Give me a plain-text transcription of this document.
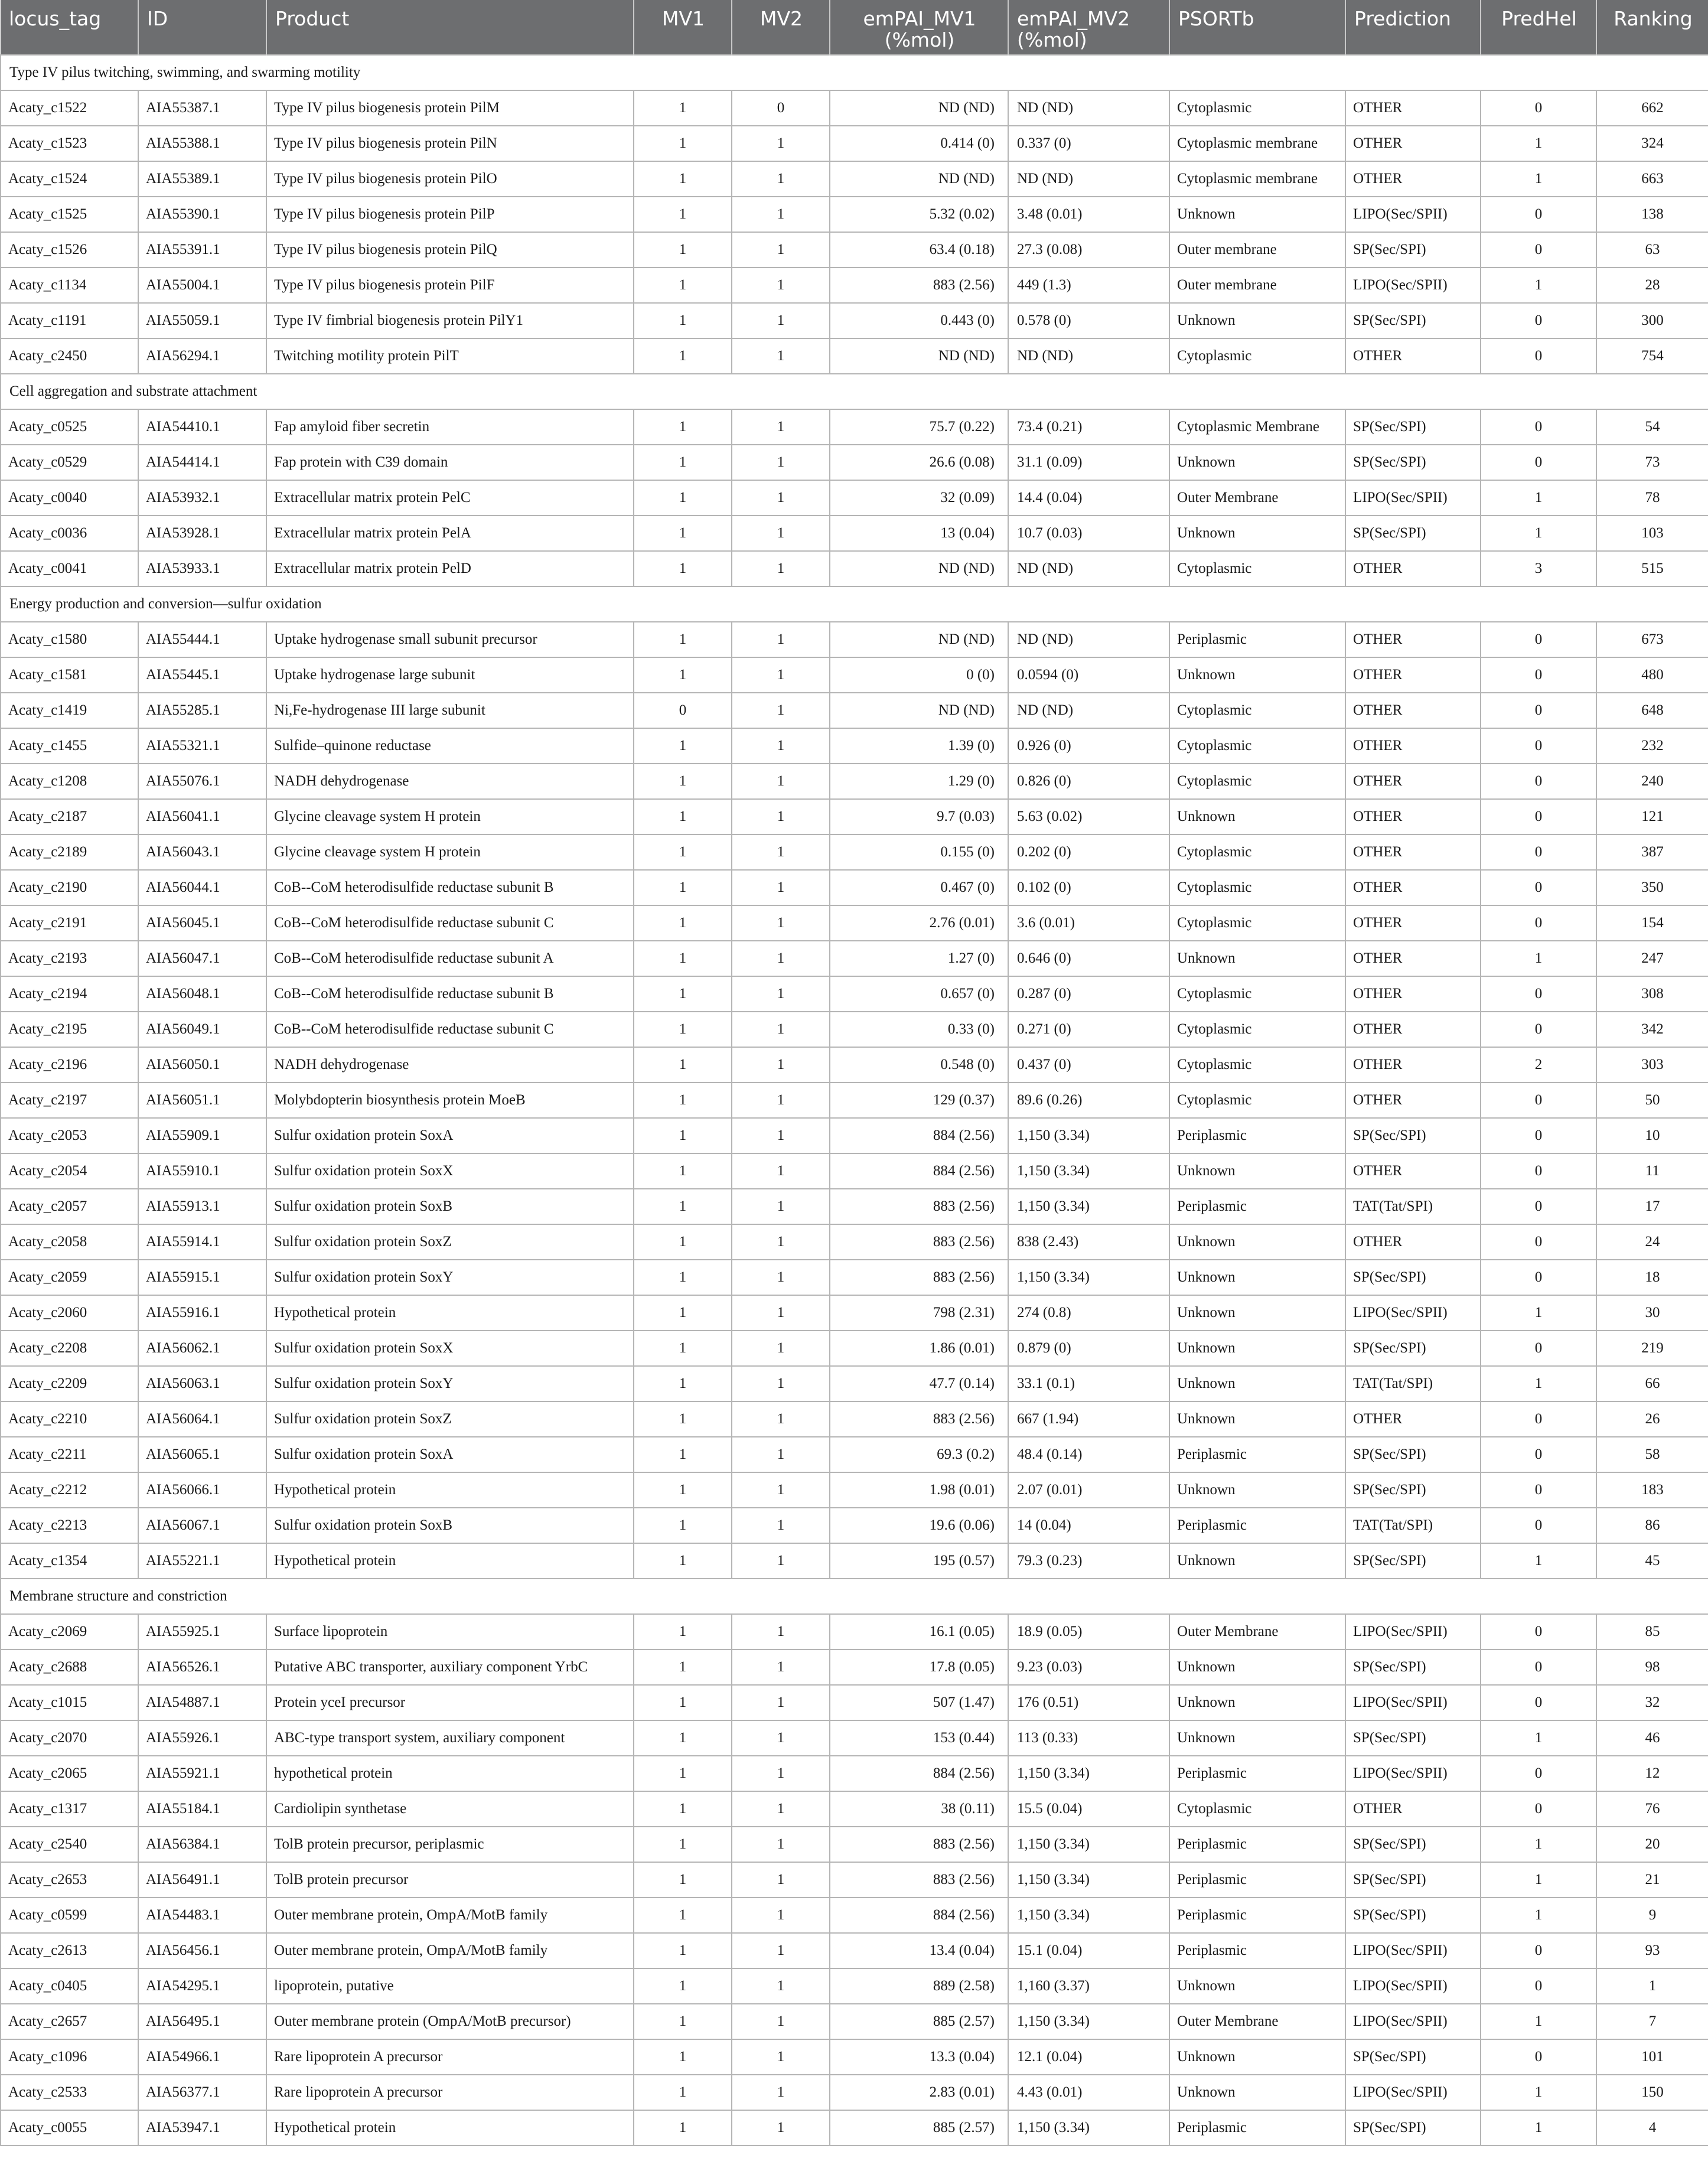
locus_tag	ID	Product	MV1	MV2	emPAI_MV1 (%mol)	emPAI_MV2 (%mol)	PSORTb	Prediction	PredHel	Ranking
Type IV pilus twitching, swimming, and swarming motility										
Acaty_c1522	AIA55387.1	Type IV pilus biogenesis protein PilM	1	0	ND (ND)	ND (ND)	Cytoplasmic	OTHER	0	662
Acaty_c1523	AIA55388.1	Type IV pilus biogenesis protein PilN	1	1	0.414 (0)	0.337 (0)	Cytoplasmic membrane	OTHER	1	324
Acaty_c1524	AIA55389.1	Type IV pilus biogenesis protein PilO	1	1	ND (ND)	ND (ND)	Cytoplasmic membrane	OTHER	1	663
Acaty_c1525	AIA55390.1	Type IV pilus biogenesis protein PilP	1	1	5.32 (0.02)	3.48 (0.01)	Unknown	LIPO(Sec/SPII)	0	138
Acaty_c1526	AIA55391.1	Type IV pilus biogenesis protein PilQ	1	1	63.4 (0.18)	27.3 (0.08)	Outer membrane	SP(Sec/SPI)	0	63
Acaty_c1134	AIA55004.1	Type IV pilus biogenesis protein PilF	1	1	883 (2.56)	449 (1.3)	Outer membrane	LIPO(Sec/SPII)	1	28
Acaty_c1191	AIA55059.1	Type IV fimbrial biogenesis protein PilY1	1	1	0.443 (0)	0.578 (0)	Unknown	SP(Sec/SPI)	0	300
Acaty_c2450	AIA56294.1	Twitching motility protein PilT	1	1	ND (ND)	ND (ND)	Cytoplasmic	OTHER	0	754
Cell aggregation and substrate attachment										
Acaty_c0525	AIA54410.1	Fap amyloid fiber secretin	1	1	75.7 (0.22)	73.4 (0.21)	Cytoplasmic Membrane	SP(Sec/SPI)	0	54
Acaty_c0529	AIA54414.1	Fap protein with C39 domain	1	1	26.6 (0.08)	31.1 (0.09)	Unknown	SP(Sec/SPI)	0	73
Acaty_c0040	AIA53932.1	Extracellular matrix protein PelC	1	1	32 (0.09)	14.4 (0.04)	Outer Membrane	LIPO(Sec/SPII)	1	78
Acaty_c0036	AIA53928.1	Extracellular matrix protein PelA	1	1	13 (0.04)	10.7 (0.03)	Unknown	SP(Sec/SPI)	1	103
Acaty_c0041	AIA53933.1	Extracellular matrix protein PelD	1	1	ND (ND)	ND (ND)	Cytoplasmic	OTHER	3	515
Energy production and conversion—sulfur oxidation										
Acaty_c1580	AIA55444.1	Uptake hydrogenase small subunit precursor	1	1	ND (ND)	ND (ND)	Periplasmic	OTHER	0	673
Acaty_c1581	AIA55445.1	Uptake hydrogenase large subunit	1	1	0 (0)	0.0594 (0)	Unknown	OTHER	0	480
Acaty_c1419	AIA55285.1	Ni,Fe-hydrogenase III large subunit	0	1	ND (ND)	ND (ND)	Cytoplasmic	OTHER	0	648
Acaty_c1455	AIA55321.1	Sulfide–quinone reductase	1	1	1.39 (0)	0.926 (0)	Cytoplasmic	OTHER	0	232
Acaty_c1208	AIA55076.1	NADH dehydrogenase	1	1	1.29 (0)	0.826 (0)	Cytoplasmic	OTHER	0	240
Acaty_c2187	AIA56041.1	Glycine cleavage system H protein	1	1	9.7 (0.03)	5.63 (0.02)	Unknown	OTHER	0	121
Acaty_c2189	AIA56043.1	Glycine cleavage system H protein	1	1	0.155 (0)	0.202 (0)	Cytoplasmic	OTHER	0	387
Acaty_c2190	AIA56044.1	CoB--CoM heterodisulfide reductase subunit B	1	1	0.467 (0)	0.102 (0)	Cytoplasmic	OTHER	0	350
Acaty_c2191	AIA56045.1	CoB--CoM heterodisulfide reductase subunit C	1	1	2.76 (0.01)	3.6 (0.01)	Cytoplasmic	OTHER	0	154
Acaty_c2193	AIA56047.1	CoB--CoM heterodisulfide reductase subunit A	1	1	1.27 (0)	0.646 (0)	Unknown	OTHER	1	247
Acaty_c2194	AIA56048.1	CoB--CoM heterodisulfide reductase subunit B	1	1	0.657 (0)	0.287 (0)	Cytoplasmic	OTHER	0	308
Acaty_c2195	AIA56049.1	CoB--CoM heterodisulfide reductase subunit C	1	1	0.33 (0)	0.271 (0)	Cytoplasmic	OTHER	0	342
Acaty_c2196	AIA56050.1	NADH dehydrogenase	1	1	0.548 (0)	0.437 (0)	Cytoplasmic	OTHER	2	303
Acaty_c2197	AIA56051.1	Molybdopterin biosynthesis protein MoeB	1	1	129 (0.37)	89.6 (0.26)	Cytoplasmic	OTHER	0	50
Acaty_c2053	AIA55909.1	Sulfur oxidation protein SoxA	1	1	884 (2.56)	1,150 (3.34)	Periplasmic	SP(Sec/SPI)	0	10
Acaty_c2054	AIA55910.1	Sulfur oxidation protein SoxX	1	1	884 (2.56)	1,150 (3.34)	Unknown	OTHER	0	11
Acaty_c2057	AIA55913.1	Sulfur oxidation protein SoxB	1	1	883 (2.56)	1,150 (3.34)	Periplasmic	TAT(Tat/SPI)	0	17
Acaty_c2058	AIA55914.1	Sulfur oxidation protein SoxZ	1	1	883 (2.56)	838 (2.43)	Unknown	OTHER	0	24
Acaty_c2059	AIA55915.1	Sulfur oxidation protein SoxY	1	1	883 (2.56)	1,150 (3.34)	Unknown	SP(Sec/SPI)	0	18
Acaty_c2060	AIA55916.1	Hypothetical protein	1	1	798 (2.31)	274 (0.8)	Unknown	LIPO(Sec/SPII)	1	30
Acaty_c2208	AIA56062.1	Sulfur oxidation protein SoxX	1	1	1.86 (0.01)	0.879 (0)	Unknown	SP(Sec/SPI)	0	219
Acaty_c2209	AIA56063.1	Sulfur oxidation protein SoxY	1	1	47.7 (0.14)	33.1 (0.1)	Unknown	TAT(Tat/SPI)	1	66
Acaty_c2210	AIA56064.1	Sulfur oxidation protein SoxZ	1	1	883 (2.56)	667 (1.94)	Unknown	OTHER	0	26
Acaty_c2211	AIA56065.1	Sulfur oxidation protein SoxA	1	1	69.3 (0.2)	48.4 (0.14)	Periplasmic	SP(Sec/SPI)	0	58
Acaty_c2212	AIA56066.1	Hypothetical protein	1	1	1.98 (0.01)	2.07 (0.01)	Unknown	SP(Sec/SPI)	0	183
Acaty_c2213	AIA56067.1	Sulfur oxidation protein SoxB	1	1	19.6 (0.06)	14 (0.04)	Periplasmic	TAT(Tat/SPI)	0	86
Acaty_c1354	AIA55221.1	Hypothetical protein	1	1	195 (0.57)	79.3 (0.23)	Unknown	SP(Sec/SPI)	1	45
Membrane structure and constriction										
Acaty_c2069	AIA55925.1	Surface lipoprotein	1	1	16.1 (0.05)	18.9 (0.05)	Outer Membrane	LIPO(Sec/SPII)	0	85
Acaty_c2688	AIA56526.1	Putative ABC transporter, auxiliary component YrbC	1	1	17.8 (0.05)	9.23 (0.03)	Unknown	SP(Sec/SPI)	0	98
Acaty_c1015	AIA54887.1	Protein yceI precursor	1	1	507 (1.47)	176 (0.51)	Unknown	LIPO(Sec/SPII)	0	32
Acaty_c2070	AIA55926.1	ABC-type transport system, auxiliary component	1	1	153 (0.44)	113 (0.33)	Unknown	SP(Sec/SPI)	1	46
Acaty_c2065	AIA55921.1	hypothetical protein	1	1	884 (2.56)	1,150 (3.34)	Periplasmic	LIPO(Sec/SPII)	0	12
Acaty_c1317	AIA55184.1	Cardiolipin synthetase	1	1	38 (0.11)	15.5 (0.04)	Cytoplasmic	OTHER	0	76
Acaty_c2540	AIA56384.1	TolB protein precursor, periplasmic	1	1	883 (2.56)	1,150 (3.34)	Periplasmic	SP(Sec/SPI)	1	20
Acaty_c2653	AIA56491.1	TolB protein precursor	1	1	883 (2.56)	1,150 (3.34)	Periplasmic	SP(Sec/SPI)	1	21
Acaty_c0599	AIA54483.1	Outer membrane protein, OmpA/MotB family	1	1	884 (2.56)	1,150 (3.34)	Periplasmic	SP(Sec/SPI)	1	9
Acaty_c2613	AIA56456.1	Outer membrane protein, OmpA/MotB family	1	1	13.4 (0.04)	15.1 (0.04)	Periplasmic	LIPO(Sec/SPII)	0	93
Acaty_c0405	AIA54295.1	lipoprotein, putative	1	1	889 (2.58)	1,160 (3.37)	Unknown	LIPO(Sec/SPII)	0	1
Acaty_c2657	AIA56495.1	Outer membrane protein (OmpA/MotB precursor)	1	1	885 (2.57)	1,150 (3.34)	Outer Membrane	LIPO(Sec/SPII)	1	7
Acaty_c1096	AIA54966.1	Rare lipoprotein A precursor	1	1	13.3 (0.04)	12.1 (0.04)	Unknown	SP(Sec/SPI)	0	101
Acaty_c2533	AIA56377.1	Rare lipoprotein A precursor	1	1	2.83 (0.01)	4.43 (0.01)	Unknown	LIPO(Sec/SPII)	1	150
Acaty_c0055	AIA53947.1	Hypothetical protein	1	1	885 (2.57)	1,150 (3.34)	Periplasmic	SP(Sec/SPI)	1	4
